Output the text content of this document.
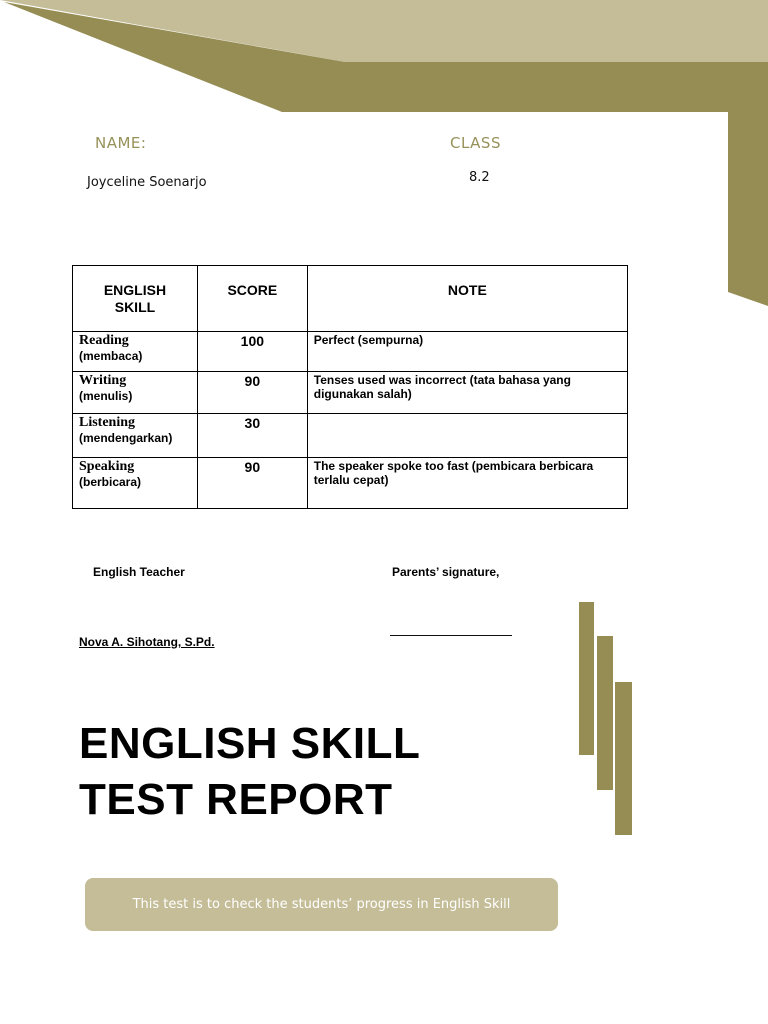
NAME:
Joyceline Soenarjo
CLASS
8.2
ENGLISH SKILL	SCORE	NOTE

Reading
(membaca)	100	Perfect (sempurna)

Writing
(menulis)	90	Tenses used was incorrect (tata bahasa yang digunakan salah)

Listening
(mendengarkan)	30	

Speaking
(berbicara)	90	The speaker spoke too fast (pembicara berbicara terlalu cepat)
English Teacher	Parents’ signature,
Nova A. Sihotang, S.Pd.
ENGLISH SKILL
TEST REPORT
This test is to check the students’ progress in English Skill
